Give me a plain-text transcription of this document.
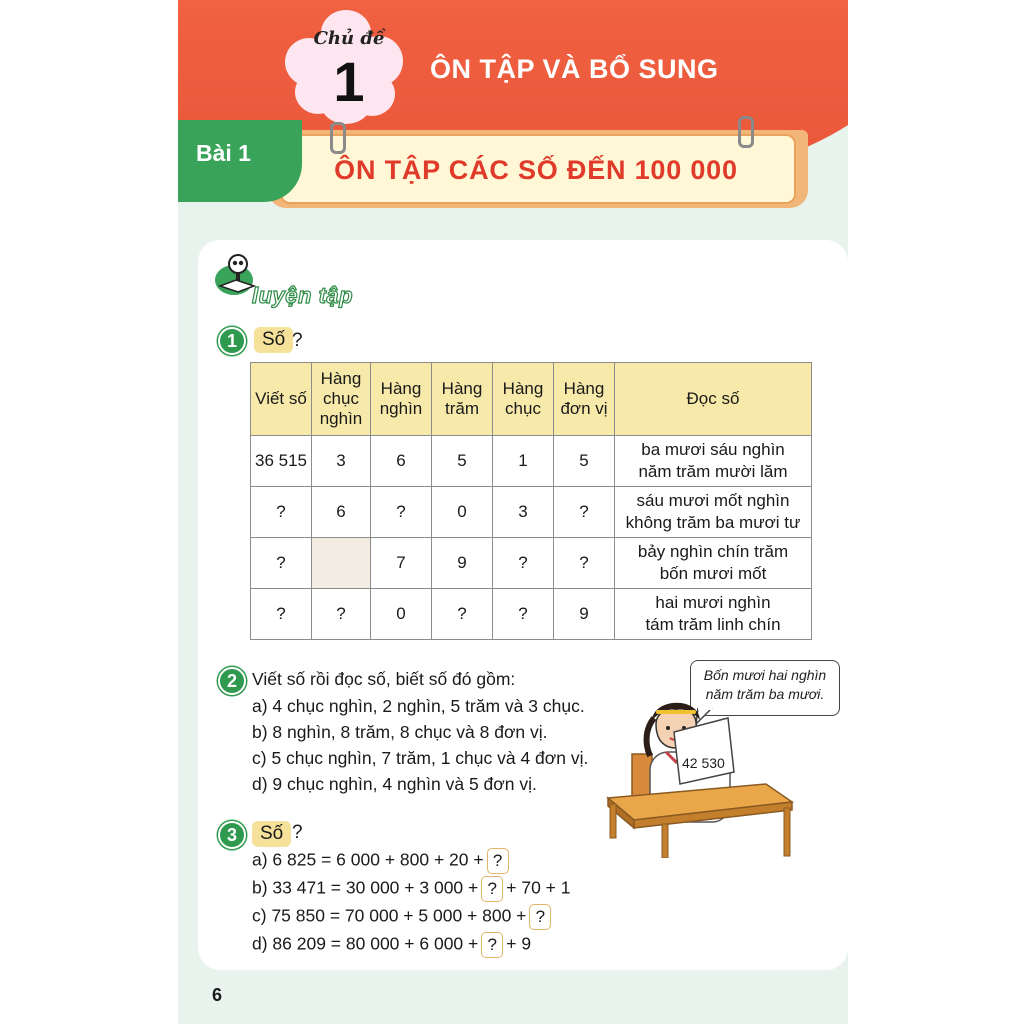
Chủ đề
1	ÔN TẬP VÀ BỔ SUNG
ÔN TẬP CÁC SỐ ĐẾN 100 000
Bài 1
luyện tập
1	Số ?
Viết số	Hàng chục nghìn	Hàng nghìn	Hàng trăm	Hàng chục	Hàng đơn vị	Đọc số
36 515	3	6	5	1	5	ba mươi sáu nghìn
năm trăm mười lăm
?	6	?	0	3	?	sáu mươi mốt nghìn
không trăm ba mươi tư
?		7	9	?	?	bảy nghìn chín trăm
bốn mươi mốt
?	?	0	?	?	9	hai mươi nghìn
tám trăm linh chín
2 Viết số rồi đọc số, biết số đó gồm:
a) 4 chục nghìn, 2 nghìn, 5 trăm và 3 chục.
b) 8 nghìn, 8 trăm, 8 chục và 8 đơn vị.
c) 5 chục nghìn, 7 trăm, 1 chục và 4 đơn vị.
d) 9 chục nghìn, 4 nghìn và 5 đơn vị.
Bốn mươi hai nghìn
năm trăm ba mươi.
42 530
3	Số ?
a) 6 825 = 6 000 + 800 + 20 + ?
b) 33 471 = 30 000 + 3 000 + ? + 70 + 1
c) 75 850 = 70 000 + 5 000 + 800 + ?
d) 86 209 = 80 000 + 6 000 + ? + 9
6
